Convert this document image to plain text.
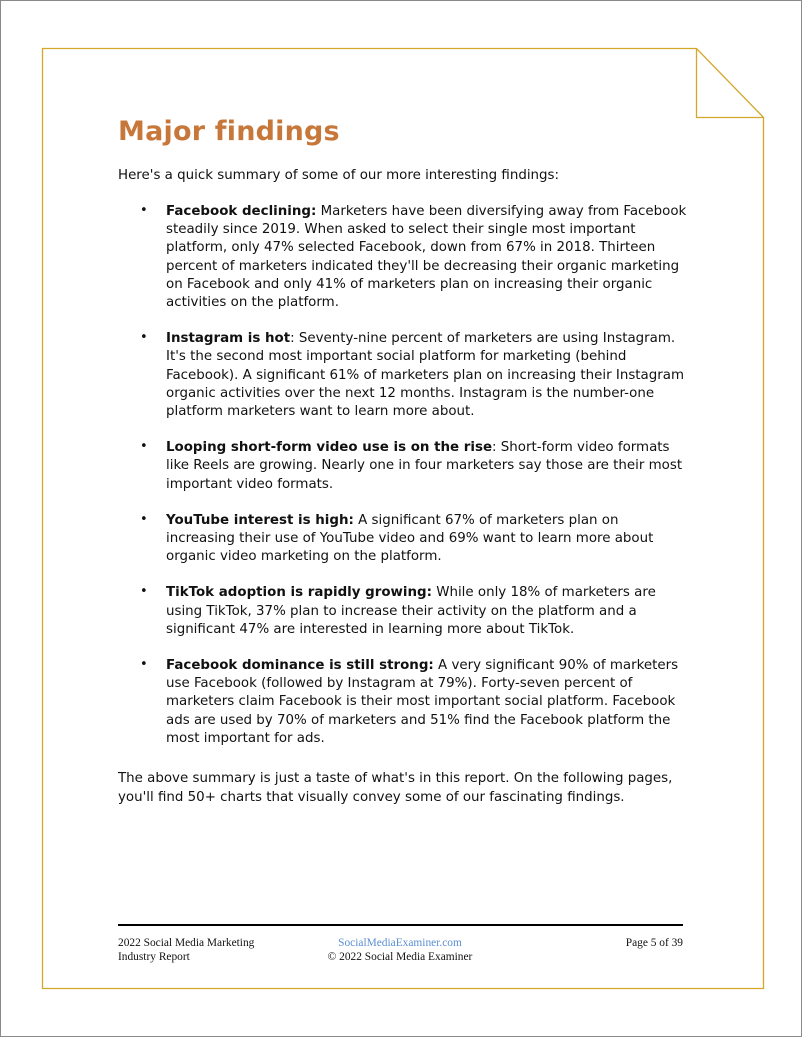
Major findings

Here's a quick summary of some of our more interesting findings:

• Facebook declining: Marketers have been diversifying away from Facebook steadily since 2019. When asked to select their single most important platform, only 47% selected Facebook, down from 67% in 2018. Thirteen percent of marketers indicated they'll be decreasing their organic marketing on Facebook and only 41% of marketers plan on increasing their organic activities on the platform.
• Instagram is hot: Seventy-nine percent of marketers are using Instagram. It's the second most important social platform for marketing (behind Facebook). A significant 61% of marketers plan on increasing their Instagram organic activities over the next 12 months. Instagram is the number-one platform marketers want to learn more about.
• Looping short-form video use is on the rise: Short-form video formats like Reels are growing. Nearly one in four marketers say those are their most important video formats.
• YouTube interest is high: A significant 67% of marketers plan on increasing their use of YouTube video and 69% want to learn more about organic video marketing on the platform.
• TikTok adoption is rapidly growing: While only 18% of marketers are using TikTok, 37% plan to increase their activity on the platform and a significant 47% are interested in learning more about TikTok.
• Facebook dominance is still strong: A very significant 90% of marketers use Facebook (followed by Instagram at 79%). Forty-seven percent of marketers claim Facebook is their most important social platform. Facebook ads are used by 70% of marketers and 51% find the Facebook platform the most important for ads.

The above summary is just a taste of what's in this report. On the following pages, you'll find 50+ charts that visually convey some of our fascinating findings.

2022 Social Media Marketing
Industry Report
SocialMediaExaminer.com
© 2022 Social Media Examiner
Page 5 of 39
